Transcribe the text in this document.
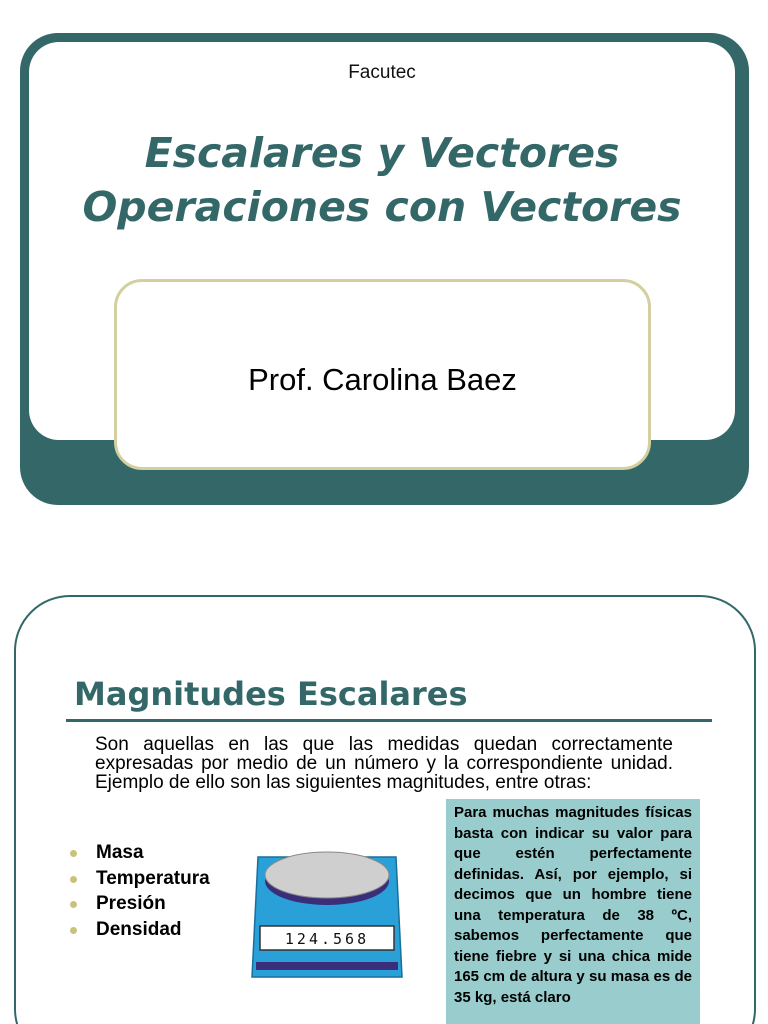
Facutec
Escalares y Vectores
Operaciones con Vectores
Prof. Carolina Baez
Magnitudes Escalares
Son aquellas en las que las medidas quedan correctamente expresadas por medio de un número y la correspondiente unidad. Ejemplo de ello son las siguientes magnitudes, entre otras:
Masa
Temperatura
Presión
Densidad	124.568
Para muchas magnitudes físicas basta con indicar su valor para que estén perfectamente definidas. Así, por ejemplo, si decimos que un hombre tiene una temperatura de 38 ºC, sabemos perfectamente que tiene fiebre y si una chica mide 165 cm de altura y su masa es de 35 kg, está claro
